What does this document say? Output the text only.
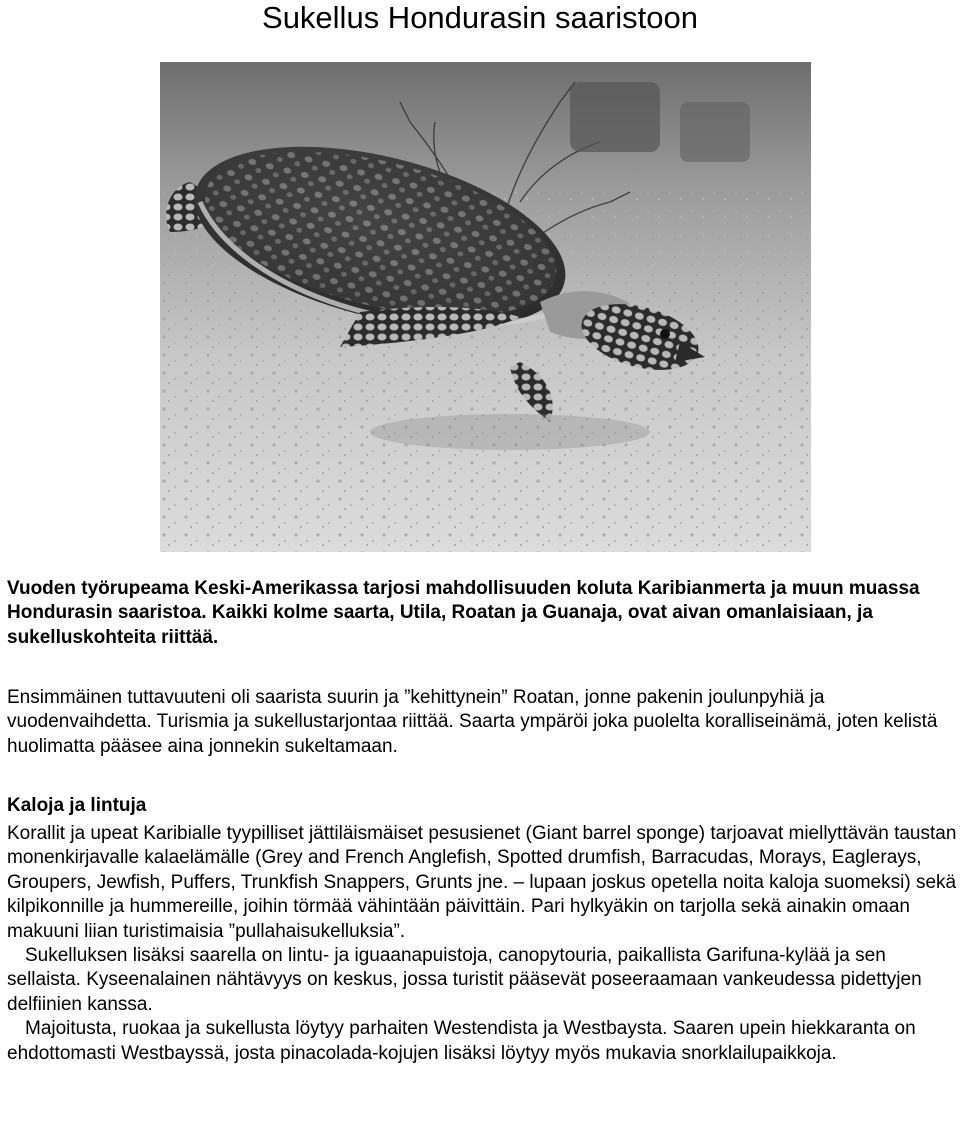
Sukellus Hondurasin saaristoon

Vuoden työrupeama Keski-Amerikassa tarjosi mahdollisuuden koluta Karibianmerta ja muun muassa Hondurasin saaristoa. Kaikki kolme saarta, Utila, Roatan ja Guanaja, ovat aivan omanlaisiaan, ja sukelluskohteita riittää.

Ensimmäinen tuttavuuteni oli saarista suurin ja ”kehittynein” Roatan, jonne pakenin joulunpyhiä ja vuodenvaihdetta. Turismia ja sukellustarjontaa riittää. Saarta ympäröi joka puolelta koralliseinämä, joten kelistä huolimatta pääsee aina jonnekin sukeltamaan.

Kaloja ja lintuja

Korallit ja upeat Karibialle tyypilliset jättiläismäiset pesusienet (Giant barrel sponge) tarjoavat miellyttävän taustan monenkirjavalle kalaelämälle (Grey and French Anglefish, Spotted drumfish, Barracudas, Morays, Eaglerays, Groupers, Jewfish, Puffers, Trunkfish Snappers, Grunts jne. – lupaan joskus opetella noita kaloja suomeksi) sekä kilpikonnille ja hummereille, joihin törmää vähintään päivittäin. Pari hylkyäkin on tarjolla sekä ainakin omaan makuuni liian turistimaisia ”pullahaisukelluksia”.

Sukelluksen lisäksi saarella on lintu- ja iguaanapuistoja, canopytouria, paikallista Garifuna-kylää ja sen sellaista. Kyseenalainen nähtävyys on keskus, jossa turistit pääsevät poseeraamaan vankeudessa pidettyjen delfiinien kanssa.

Majoitusta, ruokaa ja sukellusta löytyy parhaiten Westendista ja Westbaysta. Saaren upein hiekkaranta on ehdottomasti Westbayssä, josta pinacolada-kojujen lisäksi löytyy myös mukavia snorklailupaikkoja.
